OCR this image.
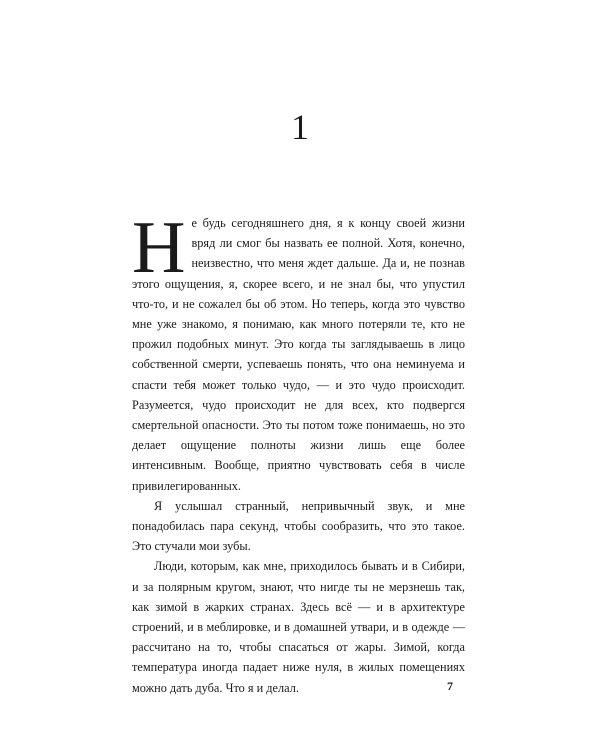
1

Не будь сегодняшнего дня, я к концу своей жизни вряд ли смог бы назвать ее полной. Хотя, конечно, неизвестно, что меня ждет дальше. Да и, не познав этого ощущения, я, скорее всего, и не знал бы, что упустил что-то, и не сожалел бы об этом. Но теперь, когда это чувство мне уже знакомо, я понимаю, как много потеряли те, кто не прожил подобных минут. Это когда ты заглядываешь в лицо собственной смерти, успеваешь понять, что она неминуема и спасти тебя может только чудо, — и это чудо происходит. Разумеется, чудо происходит не для всех, кто подвергся смертельной опасности. Это ты потом тоже понимаешь, но это делает ощущение полноты жизни лишь еще более интенсивным. Вообще, приятно чувствовать себя в числе привилегированных.

Я услышал странный, непривычный звук, и мне понадобилась пара секунд, чтобы сообразить, что это такое. Это стучали мои зубы.

Люди, которым, как мне, приходилось бывать и в Сибири, и за полярным кругом, знают, что нигде ты не мерзнешь так, как зимой в жарких странах. Здесь всё — и в архитектуре строений, и в меблировке, и в домашней утвари, и в одежде — рассчитано на то, чтобы спасаться от жары. Зимой, когда температура иногда падает ниже нуля, в жилых помещениях можно дать дуба. Что я и делал.	7
